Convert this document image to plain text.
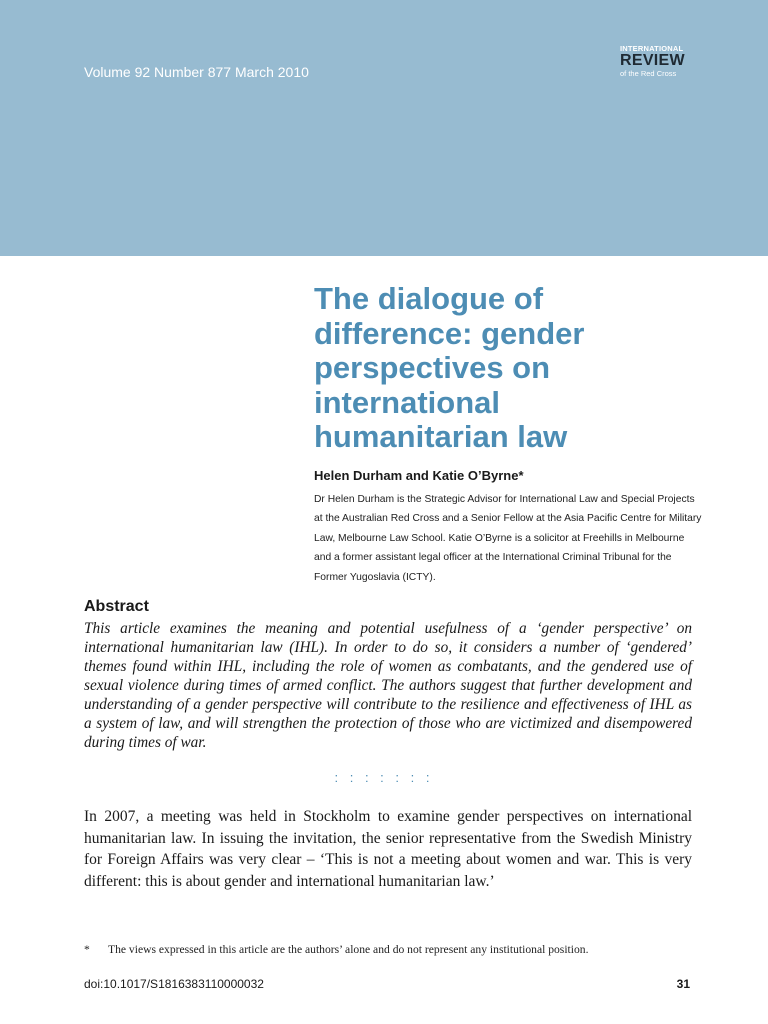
Volume 92 Number 877 March 2010
INTERNATIONAL
REVIEW
of the Red Cross
The dialogue of difference: gender perspectives on international humanitarian law
Helen Durham and Katie O’Byrne*

Dr Helen Durham is the Strategic Advisor for International Law and Special Projects at the Australian Red Cross and a Senior Fellow at the Asia Pacific Centre for Military Law, Melbourne Law School. Katie O’Byrne is a solicitor at Freehills in Melbourne and a former assistant legal officer at the International Criminal Tribunal for the Former Yugoslavia (ICTY).

Abstract

This article examines the meaning and potential usefulness of a ‘gender perspective’ on international humanitarian law (IHL). In order to do so, it considers a number of ‘gendered’ themes found within IHL, including the role of women as combatants, and the gendered use of sexual violence during times of armed conflict. The authors suggest that further development and understanding of a gender perspective will contribute to the resilience and effectiveness of IHL as a system of law, and will strengthen the protection of those who are victimized and disempowered during times of war.

: : : : : : :

In 2007, a meeting was held in Stockholm to examine gender perspectives on international humanitarian law. In issuing the invitation, the senior representative from the Swedish Ministry for Foreign Affairs was very clear – ‘This is not a meeting about women and war. This is very different: this is about gender and international humanitarian law.’

*	The views expressed in this article are the authors’ alone and do not represent any institutional position.
doi:10.1017/S1816383110000032	31
